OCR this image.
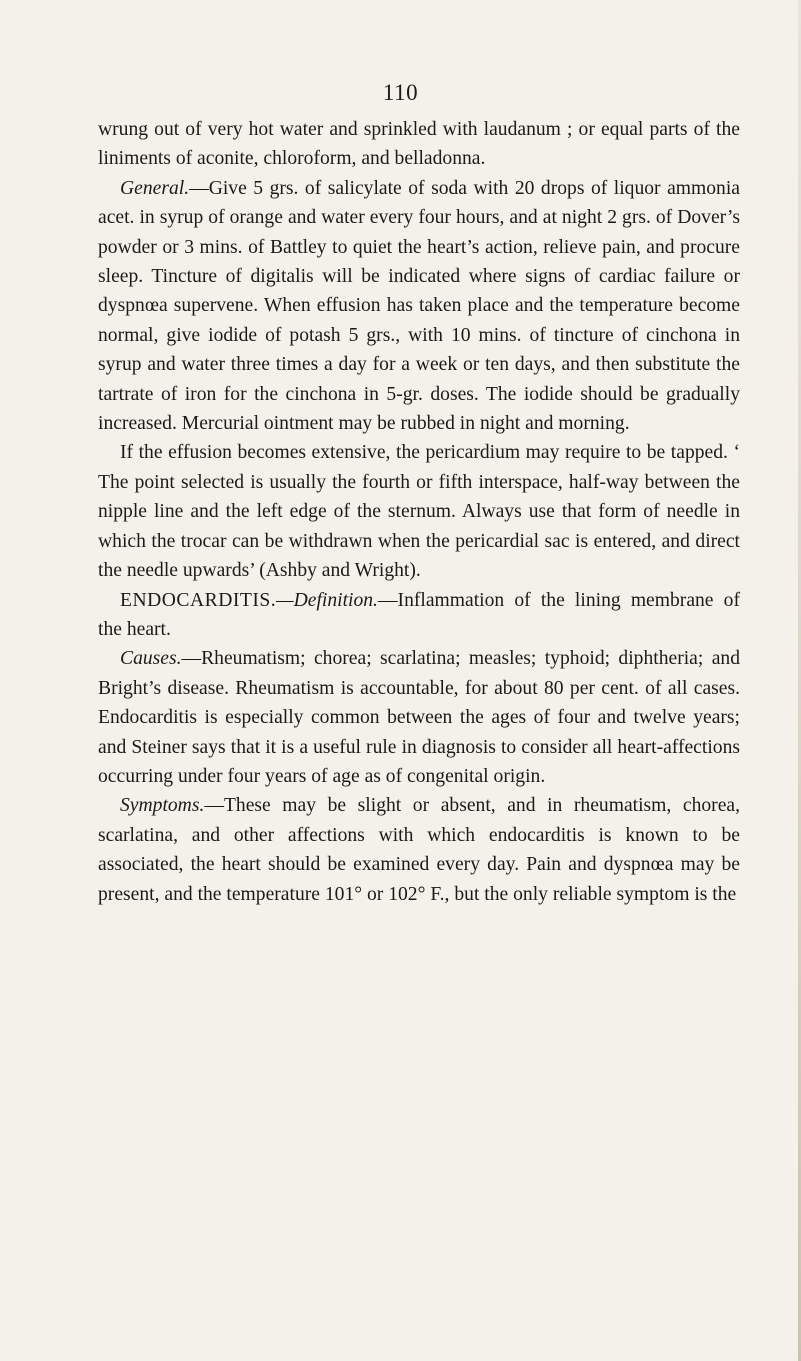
110

wrung out of very hot water and sprinkled with laudanum ; or equal parts of the liniments of aconite, chloroform, and belladonna.

General.—Give 5 grs. of salicylate of soda with 20 drops of liquor ammonia acet. in syrup of orange and water every four hours, and at night 2 grs. of Dover’s powder or 3 mins. of Battley to quiet the heart’s action, relieve pain, and procure sleep. Tincture of digitalis will be indicated where signs of cardiac failure or dyspnœa supervene. When effusion has taken place and the temperature become normal, give iodide of potash 5 grs., with 10 mins. of tincture of cinchona in syrup and water three times a day for a week or ten days, and then substitute the tartrate of iron for the cinchona in 5-gr. doses. The iodide should be gradually increased. Mercurial ointment may be rubbed in night and morning.

If the effusion becomes extensive, the pericardium may require to be tapped. ‘ The point selected is usually the fourth or fifth interspace, half-way between the nipple line and the left edge of the sternum. Always use that form of needle in which the trocar can be withdrawn when the pericardial sac is entered, and direct the needle upwards’ (Ashby and Wright).

ENDOCARDITIS.—Definition.—Inflammation of the lining membrane of the heart.

Causes.—Rheumatism; chorea; scarlatina; measles; typhoid; diphtheria; and Bright’s disease. Rheumatism is accountable, for about 80 per cent. of all cases. Endocarditis is especially common between the ages of four and twelve years; and Steiner says that it is a useful rule in diagnosis to consider all heart-affections occurring under four years of age as of congenital origin.

Symptoms.—These may be slight or absent, and in rheumatism, chorea, scarlatina, and other affections with which endocarditis is known to be associated, the heart should be examined every day. Pain and dyspnœa may be present, and the temperature 101° or 102° F., but the only reliable symptom is the
